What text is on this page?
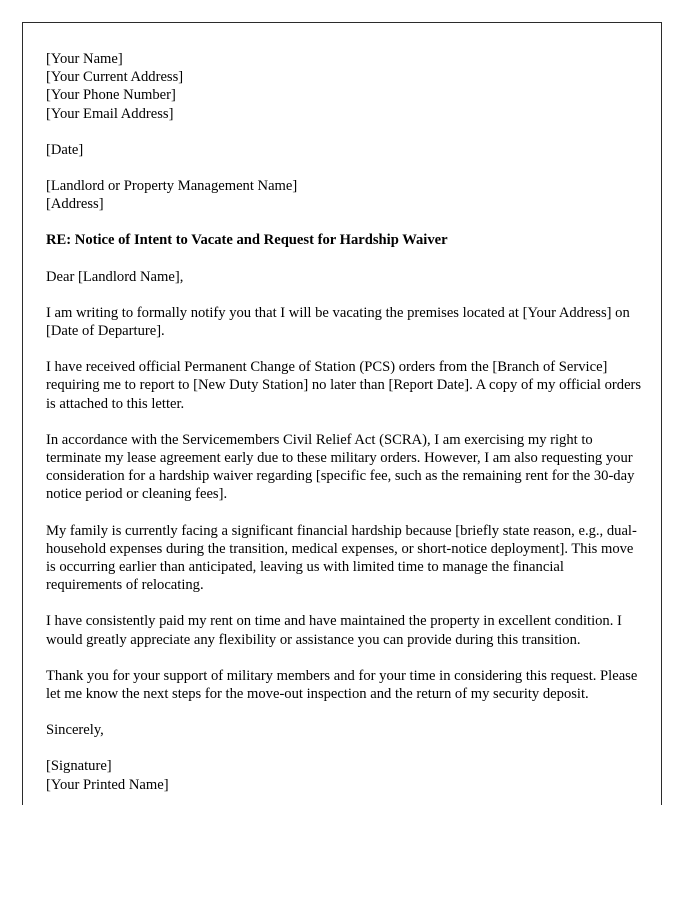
[Your Name]
[Your Current Address]
[Your Phone Number]
[Your Email Address]
[Date]
[Landlord or Property Management Name]
[Address]

RE: Notice of Intent to Vacate and Request for Hardship Waiver

Dear [Landlord Name],

I am writing to formally notify you that I will be vacating the premises located at [Your Address] on [Date of Departure].

I have received official Permanent Change of Station (PCS) orders from the [Branch of Service] requiring me to report to [New Duty Station] no later than [Report Date]. A copy of my official orders is attached to this letter.

In accordance with the Servicemembers Civil Relief Act (SCRA), I am exercising my right to terminate my lease agreement early due to these military orders. However, I am also requesting your consideration for a hardship waiver regarding [specific fee, such as the remaining rent for the 30-day notice period or cleaning fees].

My family is currently facing a significant financial hardship because [briefly state reason, e.g., dual-household expenses during the transition, medical expenses, or short-notice deployment]. This move is occurring earlier than anticipated, leaving us with limited time to manage the financial requirements of relocating.

I have consistently paid my rent on time and have maintained the property in excellent condition. I would greatly appreciate any flexibility or assistance you can provide during this transition.

Thank you for your support of military members and for your time in considering this request. Please let me know the next steps for the move-out inspection and the return of my security deposit.

Sincerely,

[Signature]
[Your Printed Name]
